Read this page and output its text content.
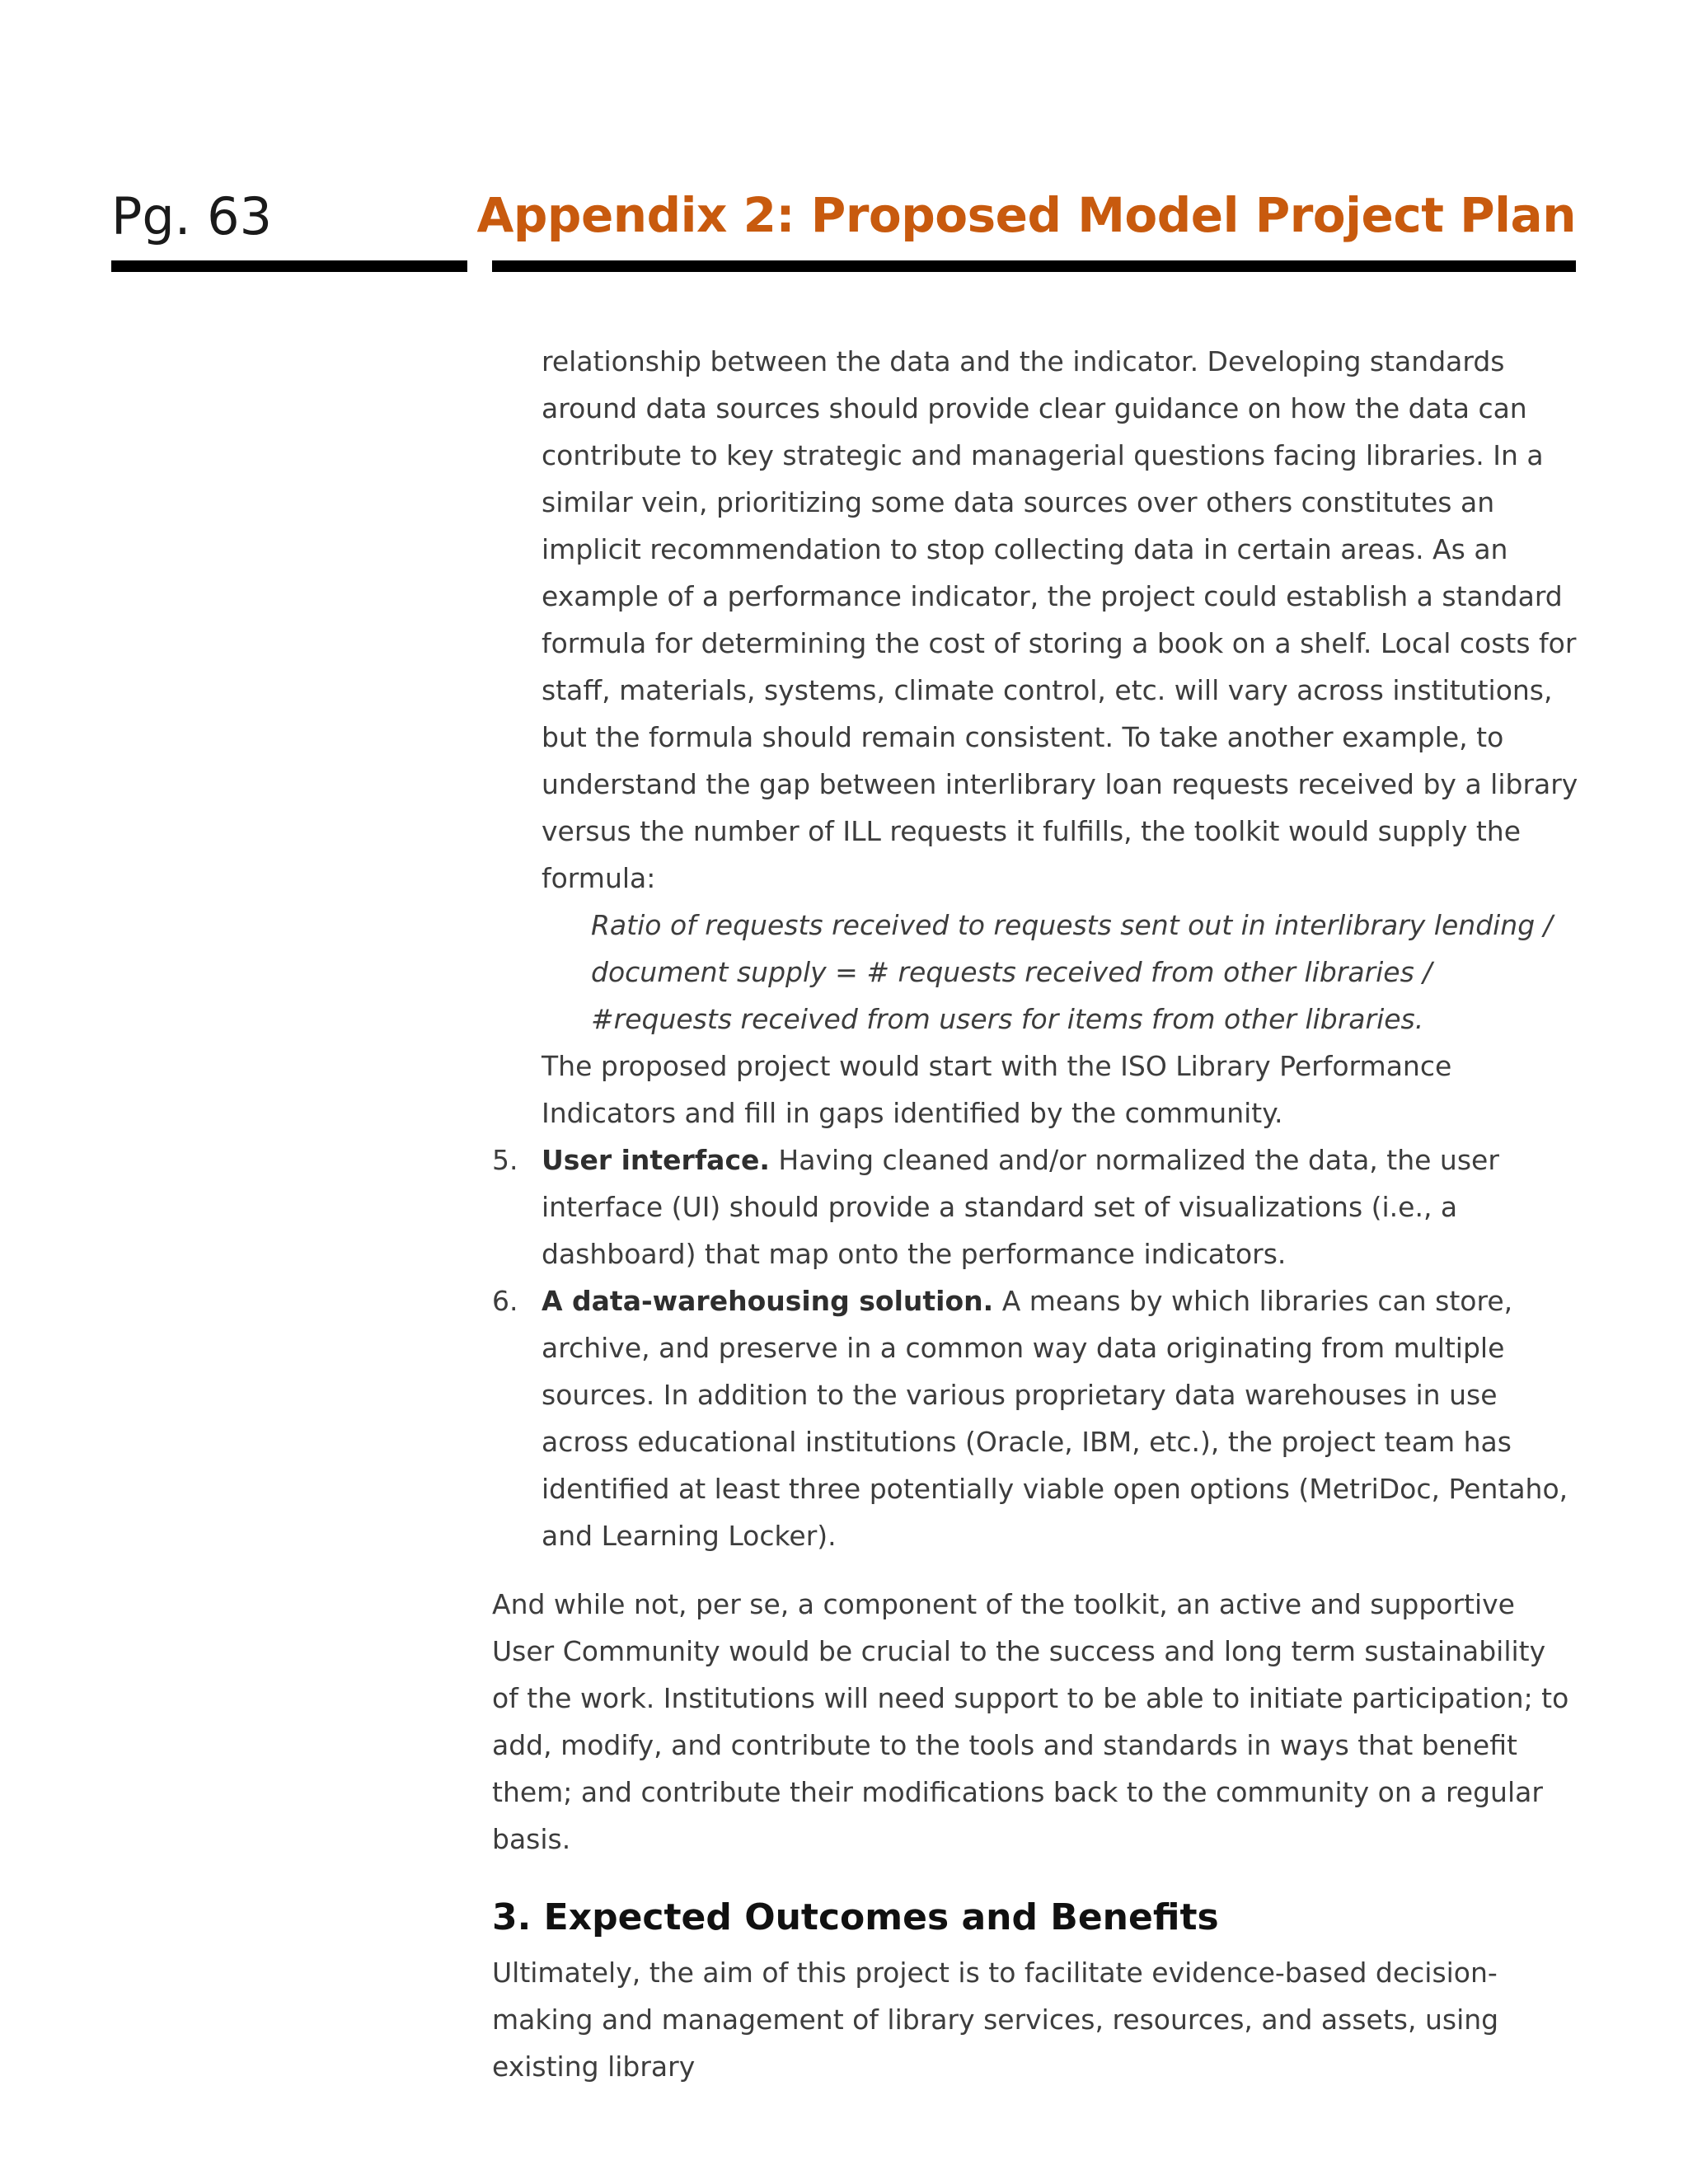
Pg. 63	Appendix 2: Proposed Model Project Plan

relationship between the data and the indicator. Developing standards around data sources should provide clear guidance on how the data can contribute to key strategic and managerial questions facing libraries. In a similar vein, prioritizing some data sources over others constitutes an implicit recommendation to stop collecting data in certain areas. As an example of a performance indicator, the project could establish a standard formula for determining the cost of storing a book on a shelf. Local costs for staff, materials, systems, climate control, etc. will vary across institutions, but the formula should remain consistent. To take another example, to understand the gap between interlibrary loan requests received by a library versus the number of ILL requests it fulfills, the toolkit would supply the formula:

Ratio of requests received to requests sent out in interlibrary lending / document supply = # requests received from other libraries / #requests received from users for items from other libraries.

The proposed project would start with the ISO Library Performance Indicators and fill in gaps identified by the community.

5. User interface. Having cleaned and/or normalized the data, the user interface (UI) should provide a standard set of visualizations (i.e., a dashboard) that map onto the performance indicators.
6. A data-warehousing solution. A means by which libraries can store, archive, and preserve in a common way data originating from multiple sources. In addition to the various proprietary data warehouses in use across educational institutions (Oracle, IBM, etc.), the project team has identified at least three potentially viable open options (MetriDoc, Pentaho, and Learning Locker).

And while not, per se, a component of the toolkit, an active and supportive User Community would be crucial to the success and long term sustainability of the work. Institutions will need support to be able to initiate participation; to add, modify, and contribute to the tools and standards in ways that benefit them; and contribute their modifications back to the community on a regular basis.

3. Expected Outcomes and Benefits

Ultimately, the aim of this project is to facilitate evidence-based decision-making and management of library services, resources, and assets, using existing library
